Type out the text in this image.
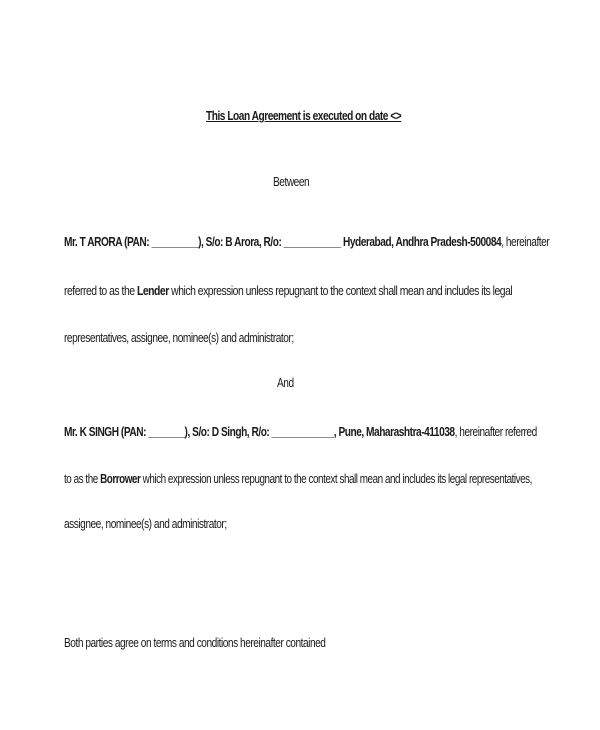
This Loan Agreement is executed on date <>
Between
Mr. T ARORA (PAN: _________), S/o: B Arora, R/o: ___________ Hyderabad, Andhra Pradesh-500084, hereinafter
referred to as the Lender which expression unless repugnant to the context shall mean and includes its legal
representatives, assignee, nominee(s) and administrator;
And
Mr. K SINGH (PAN: _______), S/o: D Singh, R/o: ____________, Pune, Maharashtra-411038, hereinafter referred
to as the Borrower which expression unless repugnant to the context shall mean and includes its legal representatives,
assignee, nominee(s) and administrator;
Both parties agree on terms and conditions hereinafter contained
